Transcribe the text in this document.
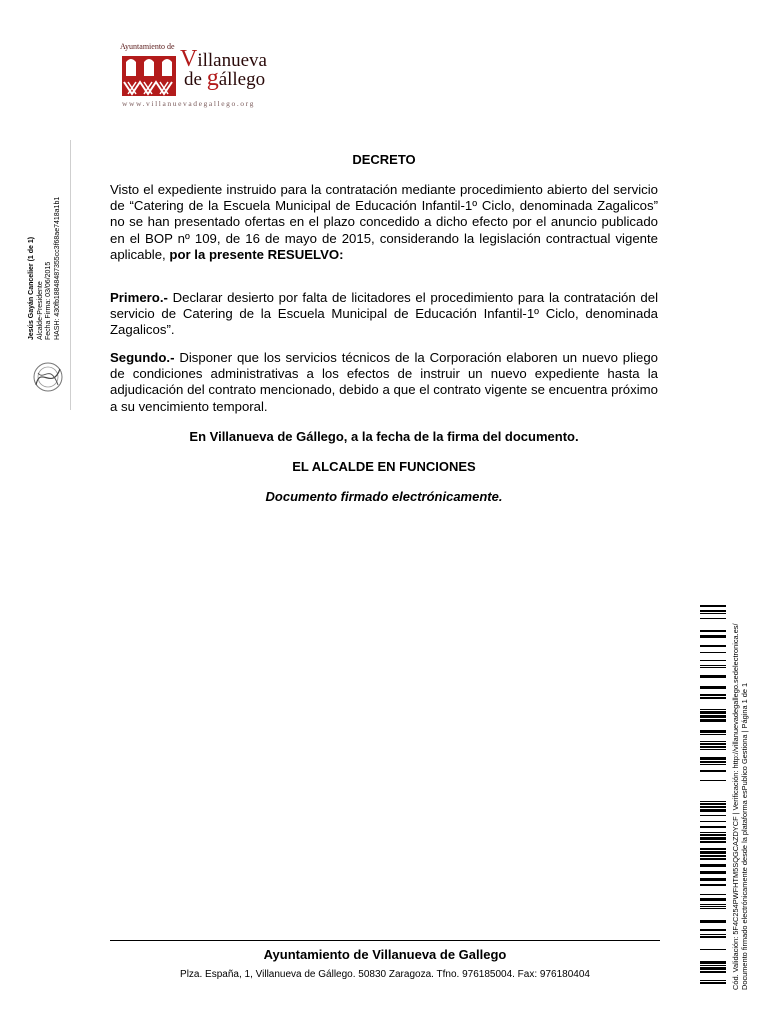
Ayuntamiento de Villanueva
de gállego
www.villanuevadegallego.org
Jesús Gayán Cancelier (1 de 1) Alcalde-Presidente Fecha Firma: 03/06/2015 HASH: 430fb18848487355cc3f68ae7418a1b1
DECRETO
Visto el expediente instruido para la contratación mediante procedimiento abierto del servicio de “Catering de la Escuela Municipal de Educación Infantil-1º Ciclo, denominada Zagalicos” no se han presentado ofertas en el plazo concedido a dicho efecto por el anuncio publicado en el BOP nº 109, de 16 de mayo de 2015, considerando la legislación contractual vigente aplicable, por la presente RESUELVO:
Primero.- Declarar desierto por falta de licitadores el procedimiento para la contratación del servicio de Catering de la Escuela Municipal de Educación Infantil-1º Ciclo, denominada Zagalicos”.
Segundo.- Disponer que los servicios técnicos de la Corporación elaboren un nuevo pliego de condiciones administrativas a los efectos de instruir un nuevo expediente hasta la adjudicación del contrato mencionado, debido a que el contrato vigente se encuentra próximo a su vencimiento temporal.
En Villanueva de Gállego, a la fecha de la firma del documento.
EL ALCALDE EN FUNCIONES
Documento firmado electrónicamente.
Ayuntamiento de Villanueva de Gallego
Plza. España, 1, Villanueva de Gállego. 50830 Zaragoza. Tfno. 976185004. Fax: 976180404	Cód. Validación: 5F4C254PWFHTM5SQGCAZDYCF | Verificación: http://villanuevadegallego.sedelectronica.es/ Documento firmado electrónicamente desde la plataforma esPublico Gestiona | Página 1 de 1
